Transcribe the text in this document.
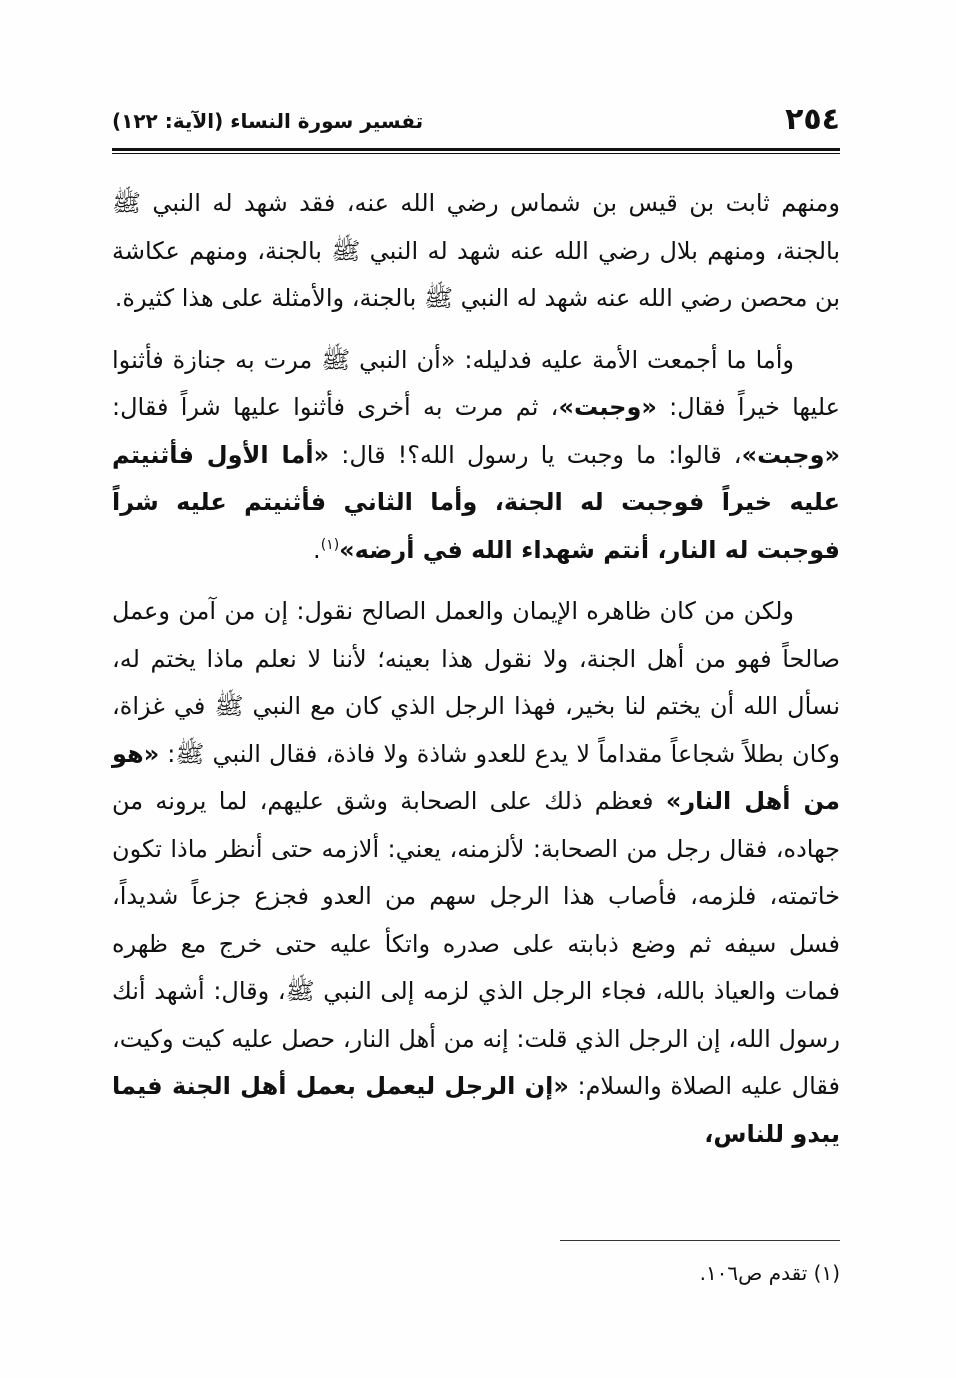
٢٥٤
تفسير سورة النساء (الآية: ١٢٢)

ومنهم ثابت بن قيس بن شماس رضي الله عنه، فقد شهد له النبي ﷺ بالجنة، ومنهم بلال رضي الله عنه شهد له النبي ﷺ بالجنة، ومنهم عكاشة بن محصن رضي الله عنه شهد له النبي ﷺ بالجنة، والأمثلة على هذا كثيرة.

وأما ما أجمعت الأمة عليه فدليله: «أن النبي ﷺ مرت به جنازة فأثنوا عليها خيراً فقال: «وجبت»، ثم مرت به أخرى فأثنوا عليها شراً فقال: «وجبت»، قالوا: ما وجبت يا رسول الله؟! قال: «أما الأول فأثنيتم عليه خيراً فوجبت له الجنة، وأما الثاني فأثنيتم عليه شراً فوجبت له النار، أنتم شهداء الله في أرضه»$^{(١)}$.

ولكن من كان ظاهره الإيمان والعمل الصالح نقول: إن من آمن وعمل صالحاً فهو من أهل الجنة، ولا نقول هذا بعينه؛ لأننا لا نعلم ماذا يختم له، نسأل الله أن يختم لنا بخير، فهذا الرجل الذي كان مع النبي ﷺ في غزاة، وكان بطلاً شجاعاً مقداماً لا يدع للعدو شاذة ولا فاذة، فقال النبي ﷺ: «هو من أهل النار» فعظم ذلك على الصحابة وشق عليهم، لما يرونه من جهاده، فقال رجل من الصحابة: لألزمنه، يعني: ألازمه حتى أنظر ماذا تكون خاتمته، فلزمه، فأصاب هذا الرجل سهم من العدو فجزع جزعاً شديداً، فسل سيفه ثم وضع ذبابته على صدره واتكأ عليه حتى خرج مع ظهره فمات والعياذ بالله، فجاء الرجل الذي لزمه إلى النبي ﷺ، وقال: أشهد أنك رسول الله، إن الرجل الذي قلت: إنه من أهل النار، حصل عليه كيت وكيت، فقال عليه الصلاة والسلام: «إن الرجل ليعمل بعمل أهل الجنة فيما يبدو للناس،

(١) تقدم ص١٠٦.
